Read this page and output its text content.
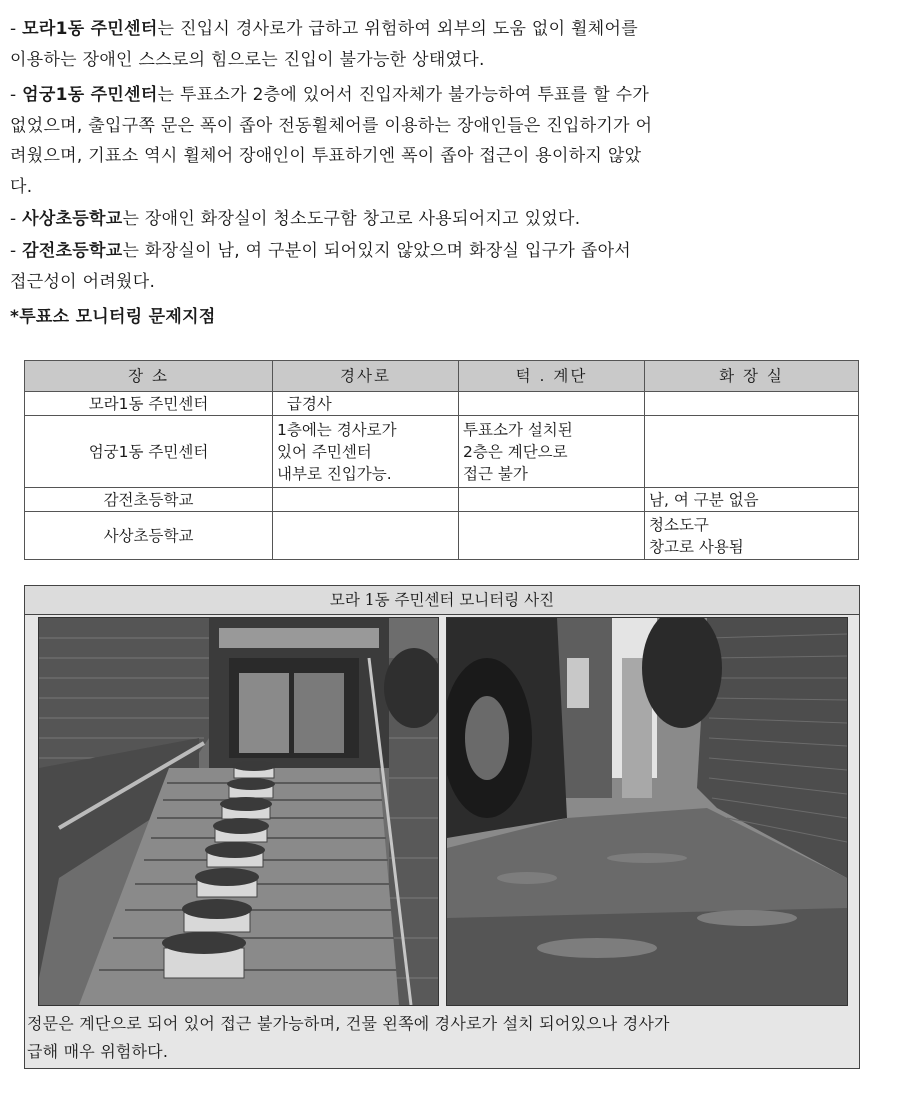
- 모라1동 주민센터는 진입시 경사로가 급하고 위험하여 외부의 도움 없이 휠체어를
이용하는 장애인 스스로의 힘으로는 진입이 불가능한 상태였다.
- 엄궁1동 주민센터는 투표소가 2층에 있어서 진입자체가 불가능하여 투표를 할 수가
없었으며, 출입구쪽 문은 폭이 좁아 전동휠체어를 이용하는 장애인들은 진입하기가 어
려웠으며, 기표소 역시 휠체어 장애인이 투표하기엔 폭이 좁아 접근이 용이하지 않았
다.
- 사상초등학교는 장애인 화장실이 청소도구함 창고로 사용되어지고 있었다.
- 감전초등학교는 화장실이 남, 여 구분이 되어있지 않았으며 화장실 입구가 좁아서
접근성이 어려웠다.
*투표소 모니터링 문제지점
장 소	경사로	턱 . 계단	화 장 실
모라1동 주민센터	급경사		
엄궁1동 주민센터	1층에는 경사로가
있어 주민센터
내부로 진입가능.	투표소가 설치된
2층은 계단으로
접근 불가	
감전초등학교			남, 여 구분 없음
사상초등학교			청소도구
창고로 사용됨
모라 1동 주민센터 모니터링 사진
정문은 계단으로 되어 있어 접근 불가능하며, 건물 왼쪽에 경사로가 설치 되어있으나 경사가
급해 매우 위험하다.
